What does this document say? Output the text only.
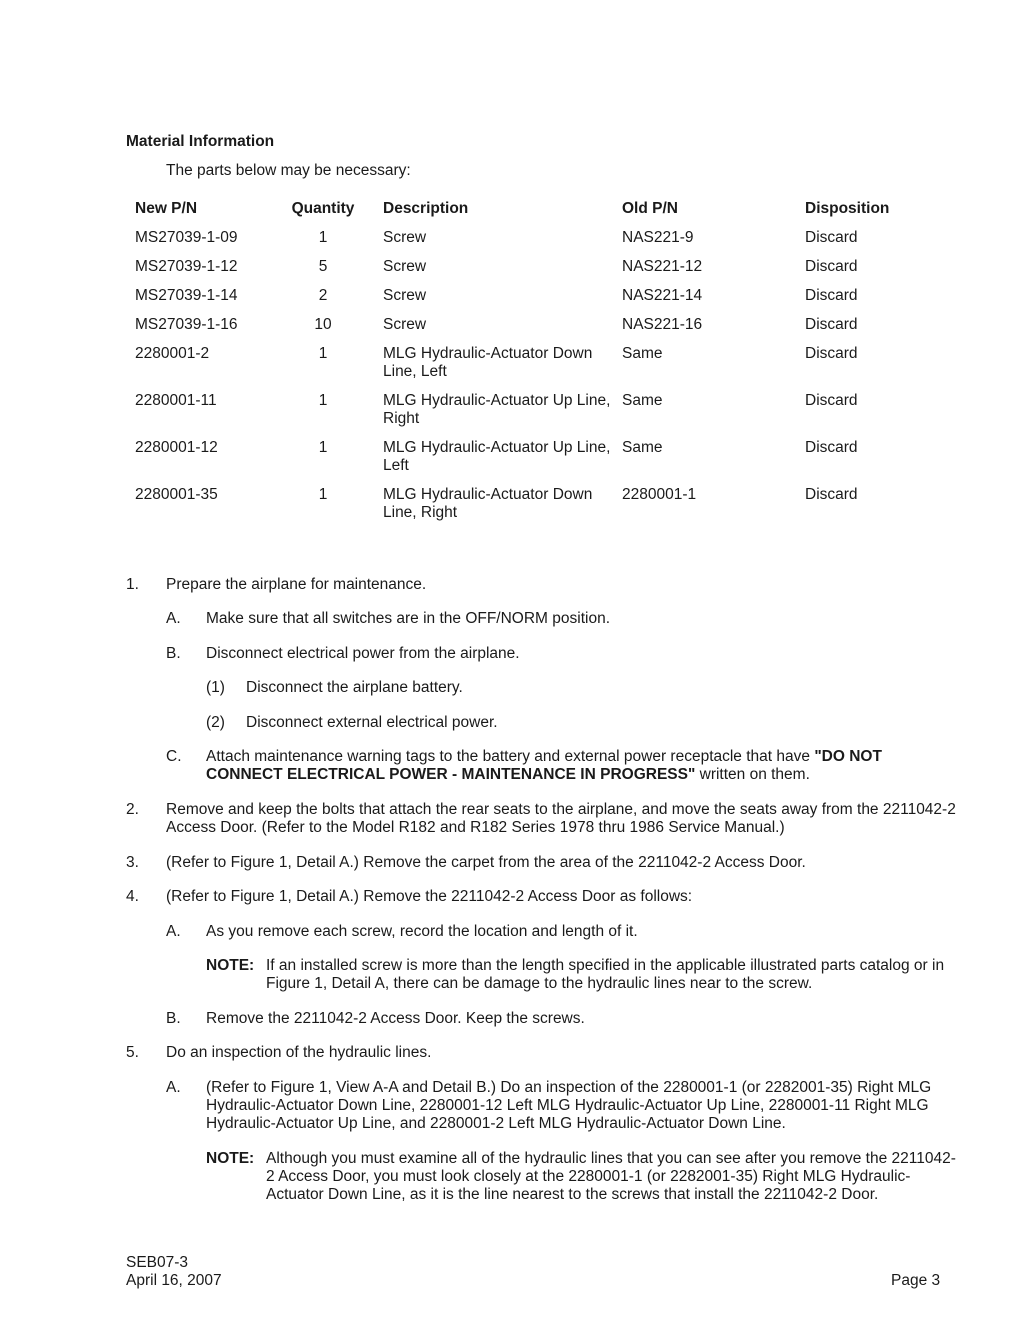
Material Information
The parts below may be necessary:
New P/N	Quantity	Description	Old P/N	Disposition
MS27039-1-09	1	Screw	NAS221-9	Discard
MS27039-1-12	5	Screw	NAS221-12	Discard
MS27039-1-14	2	Screw	NAS221-14	Discard
MS27039-1-16	10	Screw	NAS221-16	Discard
2280001-2	1	MLG Hydraulic-Actuator Down Line, Left	Same	Discard
2280001-11	1	MLG Hydraulic-Actuator Up Line, Right	Same	Discard
2280001-12	1	MLG Hydraulic-Actuator Up Line, Left	Same	Discard
2280001-35	1	MLG Hydraulic-Actuator Down Line, Right	2280001-1	Discard
1. Prepare the airplane for maintenance.
A. Make sure that all switches are in the OFF/NORM position.
B. Disconnect electrical power from the airplane.
(1) Disconnect the airplane battery.
(2) Disconnect external electrical power.
C. Attach maintenance warning tags to the battery and external power receptacle that have "DO NOT CONNECT ELECTRICAL POWER - MAINTENANCE IN PROGRESS" written on them.
2. Remove and keep the bolts that attach the rear seats to the airplane, and move the seats away from the 2211042-2 Access Door. (Refer to the Model R182 and R182 Series 1978 thru 1986 Service Manual.)
3. (Refer to Figure 1, Detail A.) Remove the carpet from the area of the 2211042-2 Access Door.
4. (Refer to Figure 1, Detail A.) Remove the 2211042-2 Access Door as follows:
A. As you remove each screw, record the location and length of it.
NOTE: If an installed screw is more than the length specified in the applicable illustrated parts catalog or in Figure 1, Detail A, there can be damage to the hydraulic lines near to the screw.
B. Remove the 2211042-2 Access Door. Keep the screws.
5. Do an inspection of the hydraulic lines.
A. (Refer to Figure 1, View A-A and Detail B.) Do an inspection of the 2280001-1 (or 2282001-35) Right MLG Hydraulic-Actuator Down Line, 2280001-12 Left MLG Hydraulic-Actuator Up Line, 2280001-11 Right MLG Hydraulic-Actuator Up Line, and 2280001-2 Left MLG Hydraulic-Actuator Down Line.
NOTE: Although you must examine all of the hydraulic lines that you can see after you remove the 2211042-2 Access Door, you must look closely at the 2280001-1 (or 2282001-35) Right MLG Hydraulic-Actuator Down Line, as it is the line nearest to the screws that install the 2211042-2 Door.
SEB07-3
April 16, 2007	Page 3
